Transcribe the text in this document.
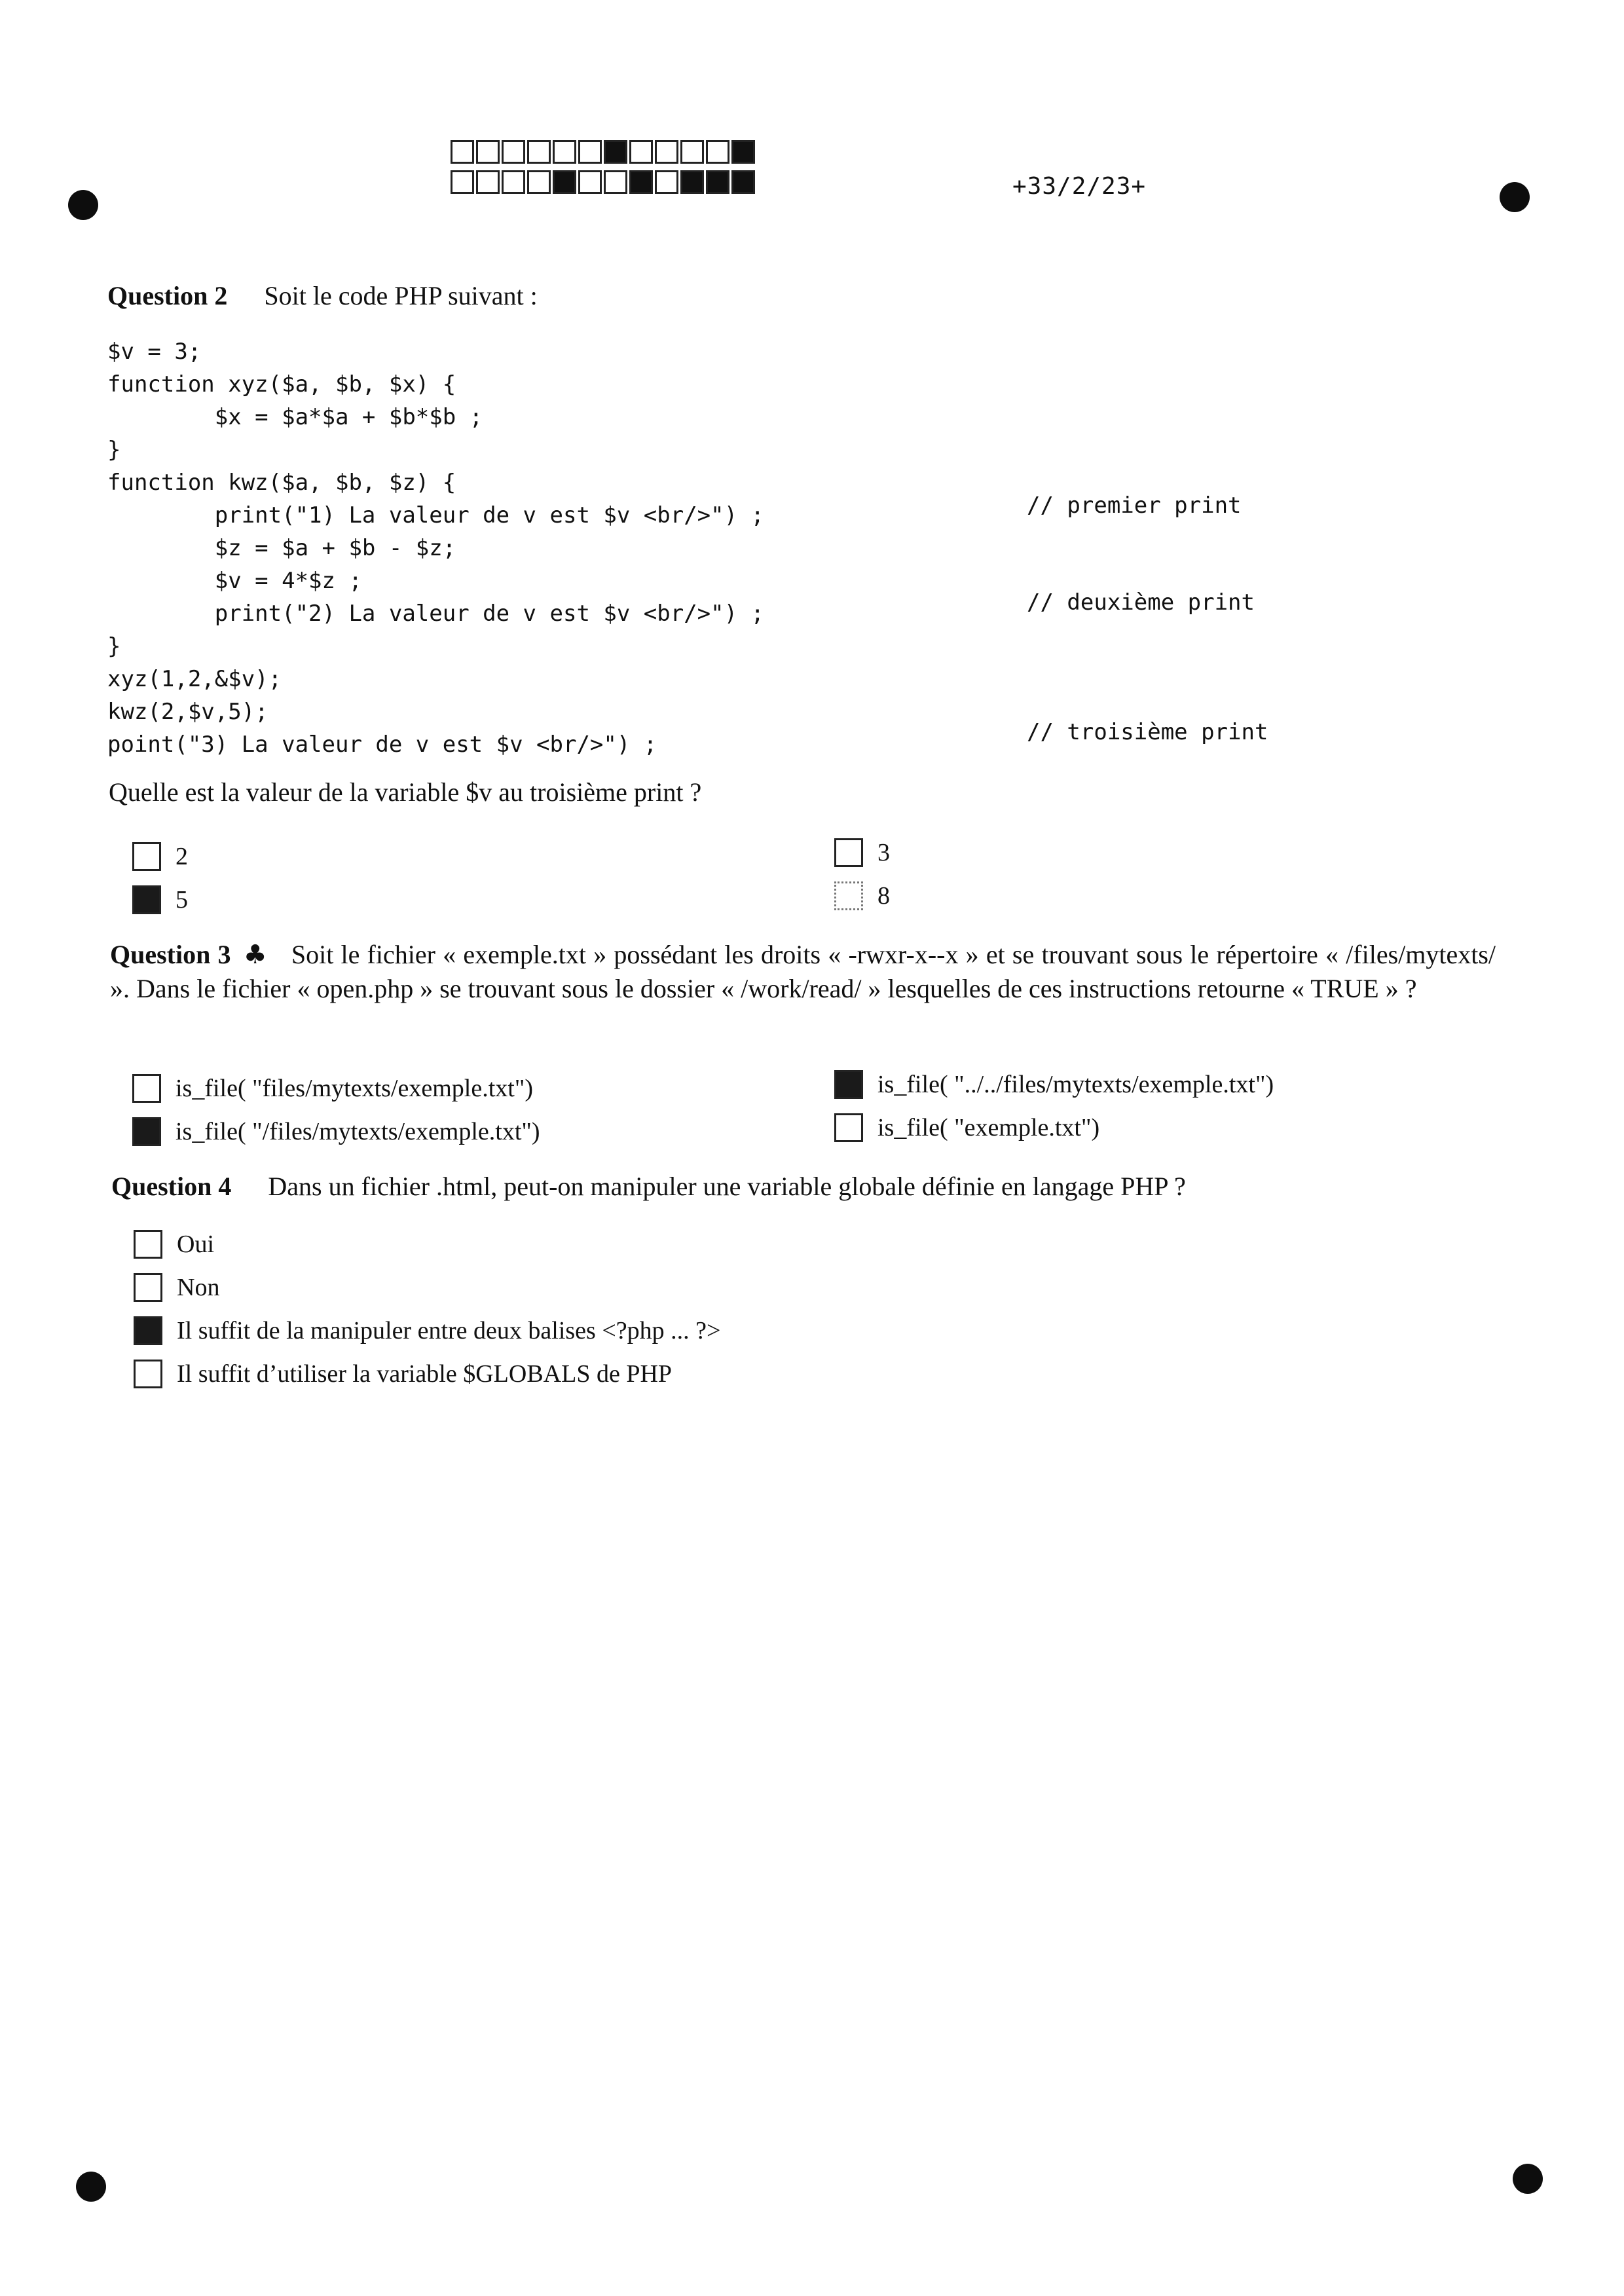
+33/2/23+
Question 2 Soit le code PHP suivant :
$v = 3;
function xyz($a, $b, $x) {
$x = $a*$a + $b*$b ;
}
function kwz($a, $b, $z) {
print("1) La valeur de v est $v <br/>") ;
$z = $a + $b - $z;
$v = 4*$z ;
print("2) La valeur de v est $v <br/>") ;
}
xyz(1,2,&$v);
kwz(2,$v,5);
point("3) La valeur de v est $v <br/>") ;
// premier print
// deuxième print
// troisième print
Quelle est la valeur de la variable $v au troisième print ?
2	3
5	8
Question 3 ♣ Soit le fichier « exemple.txt » possédant les droits « -rwxr-x--x » et se trouvant sous le répertoire « /files/mytexts/ ». Dans le fichier « open.php » se trouvant sous le dossier « /work/read/ » lesquelles de ces instructions retourne « TRUE » ?
is_file( "files/mytexts/exemple.txt")	is_file( "../../files/mytexts/exemple.txt")
is_file( "/files/mytexts/exemple.txt")	is_file( "exemple.txt")
Question 4 Dans un fichier .html, peut-on manipuler une variable globale définie en langage PHP ?
Oui
Non
Il suffit de la manipuler entre deux balises <?php ... ?>
Il suffit d’utiliser la variable $GLOBALS de PHP
